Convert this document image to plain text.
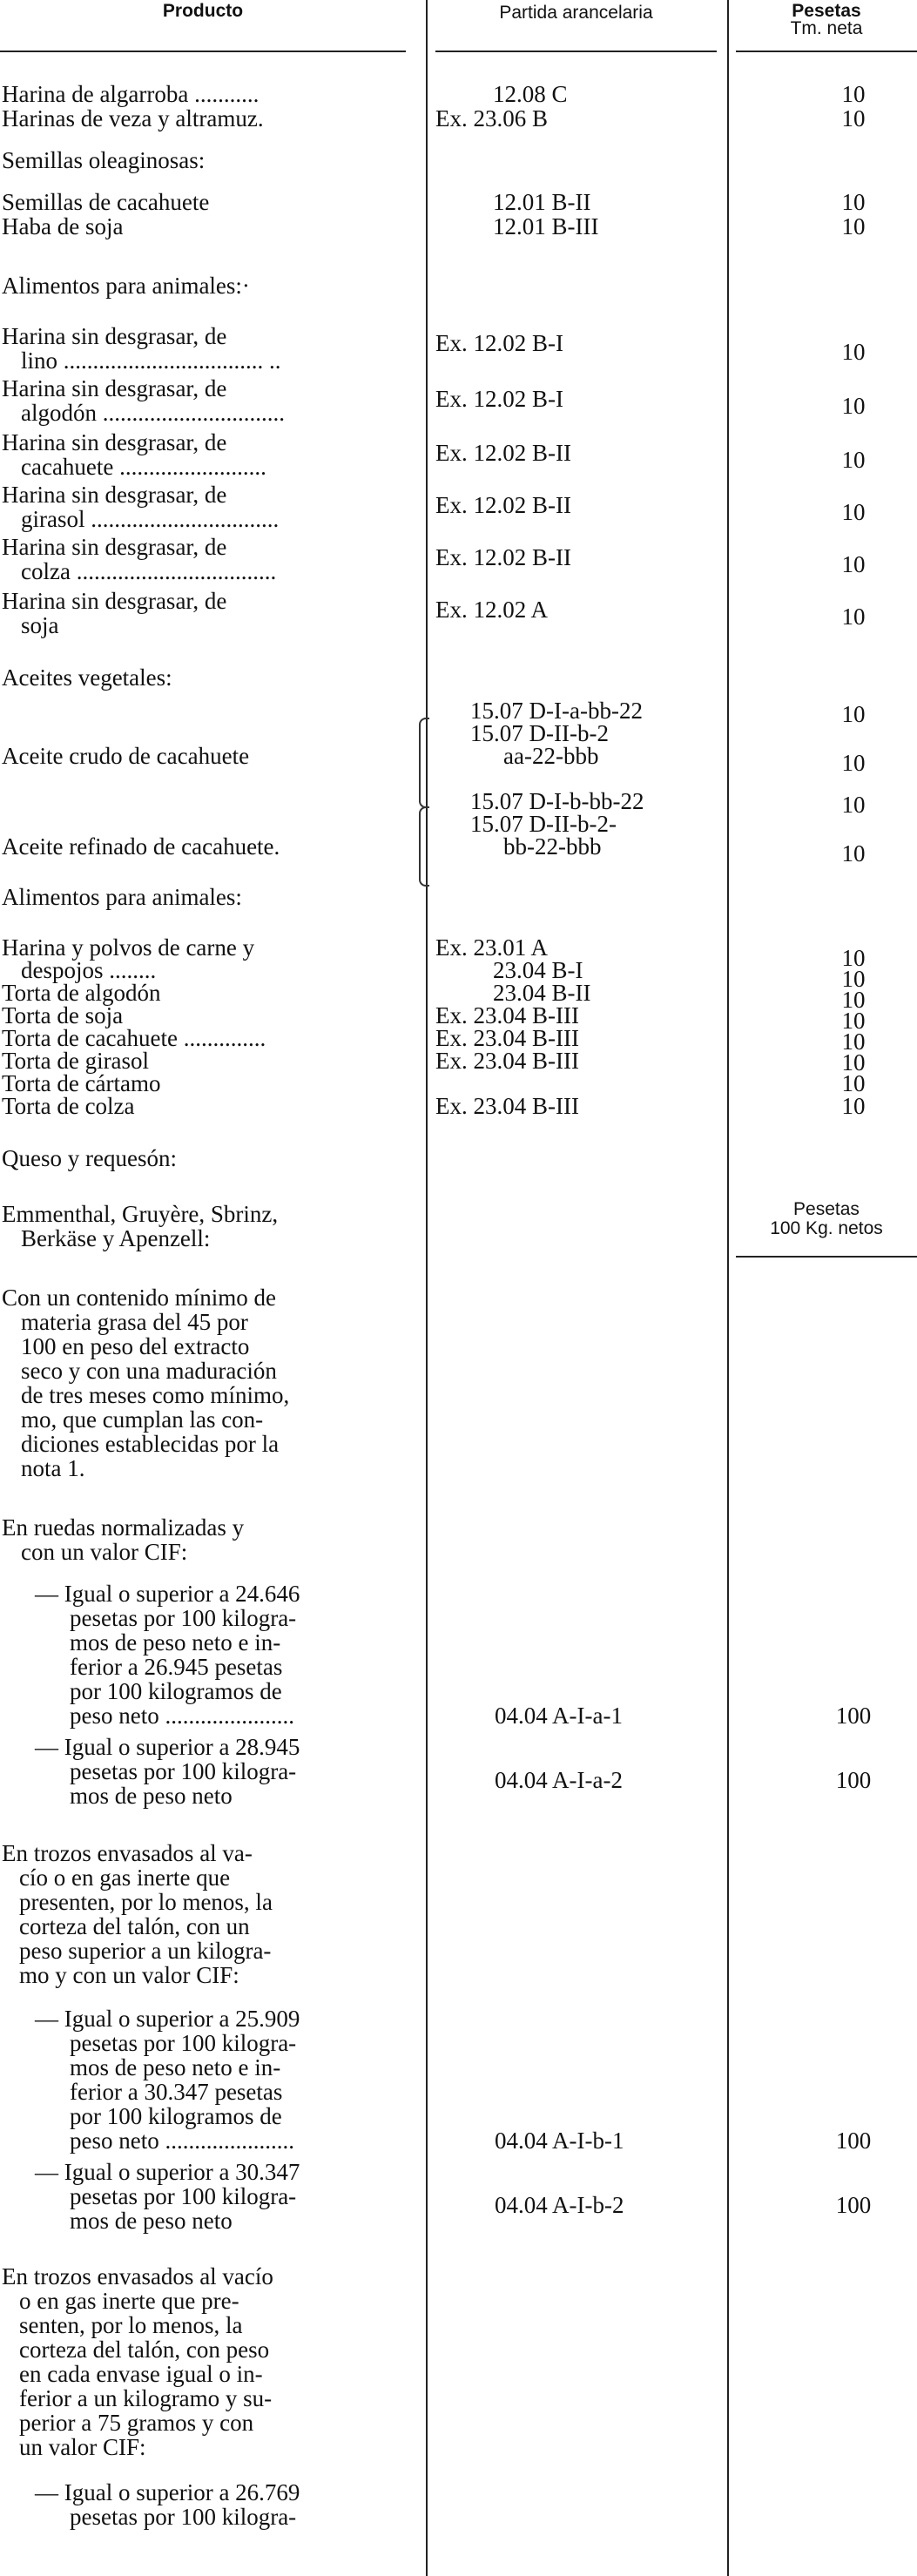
Producto	Partida arancelaria	Pesetas
Tm. neta
Pesetas
100 Kg. netos
Harina de algarroba ...........
Harinas de veza y altramuz.
Semillas oleaginosas:
Semillas de cacahuete
Haba de soja
Alimentos para animales:·
Harina sin desgrasar, de
lino .................................. ..
Harina sin desgrasar, de
algodón ...............................
Harina sin desgrasar, de
cacahuete .........................
Harina sin desgrasar, de
girasol ................................
Harina sin desgrasar, de
colza ..................................
Harina sin desgrasar, de
soja
Aceites vegetales:
Aceite crudo de cacahuete
Aceite refinado de cacahuete.
Alimentos para animales:
Harina y polvos de carne y
despojos ........
Torta de algodón
Torta de soja
Torta de cacahuete ..............
Torta de girasol
Torta de cártamo
Torta de colza
Queso y requesón:
Emmenthal, Gruyère, Sbrinz,
Berkäse y Apenzell:
Con un contenido mínimo de
materia grasa del 45 por
100 en peso del extracto
seco y con una maduración
de tres meses como mínimo,
mo, que cumplan las con-
diciones establecidas por la
nota 1.
En ruedas normalizadas y
con un valor CIF:
— Igual o superior a 24.646
pesetas por 100 kilogra-
mos de peso neto e in-
ferior a 26.945 pesetas
por 100 kilogramos de
peso neto ......................
— Igual o superior a 28.945
pesetas por 100 kilogra-
mos de peso neto
En trozos envasados al va-
cío o en gas inerte que
presenten, por lo menos, la
corteza del talón, con un
peso superior a un kilogra-
mo y con un valor CIF:
— Igual o superior a 25.909
pesetas por 100 kilogra-
mos de peso neto e in-
ferior a 30.347 pesetas
por 100 kilogramos de
peso neto ......................
— Igual o superior a 30.347
pesetas por 100 kilogra-
mos de peso neto
En trozos envasados al vacío
o en gas inerte que pre-
senten, por lo menos, la
corteza del talón, con peso
en cada envase igual o in-
ferior a un kilogramo y su-
perior a 75 gramos y con
un valor CIF:
— Igual o superior a 26.769
pesetas por 100 kilogra-
12.08 C
Ex. 23.06 B
12.01 B-II
12.01 B-III
Ex. 12.02 B-I
Ex. 12.02 B-I
Ex. 12.02 B-II
Ex. 12.02 B-II
Ex. 12.02 B-II
Ex. 12.02 A
15.07 D-I-a-bb-22
15.07 D-II-b-2
aa-22-bbb
15.07 D-I-b-bb-22
15.07 D-II-b-2-
bb-22-bbb
Ex. 23.01 A
23.04 B-I
23.04 B-II
Ex. 23.04 B-III
Ex. 23.04 B-III
Ex. 23.04 B-III
Ex. 23.04 B-III
04.04 A-I-a-1
04.04 A-I-a-2
04.04 A-I-b-1
04.04 A-I-b-2
10
10
10
10
10
10
10
10
10
10
10
10
10
10
10
10
10
10
10
10
10
10
100
100
100
100
